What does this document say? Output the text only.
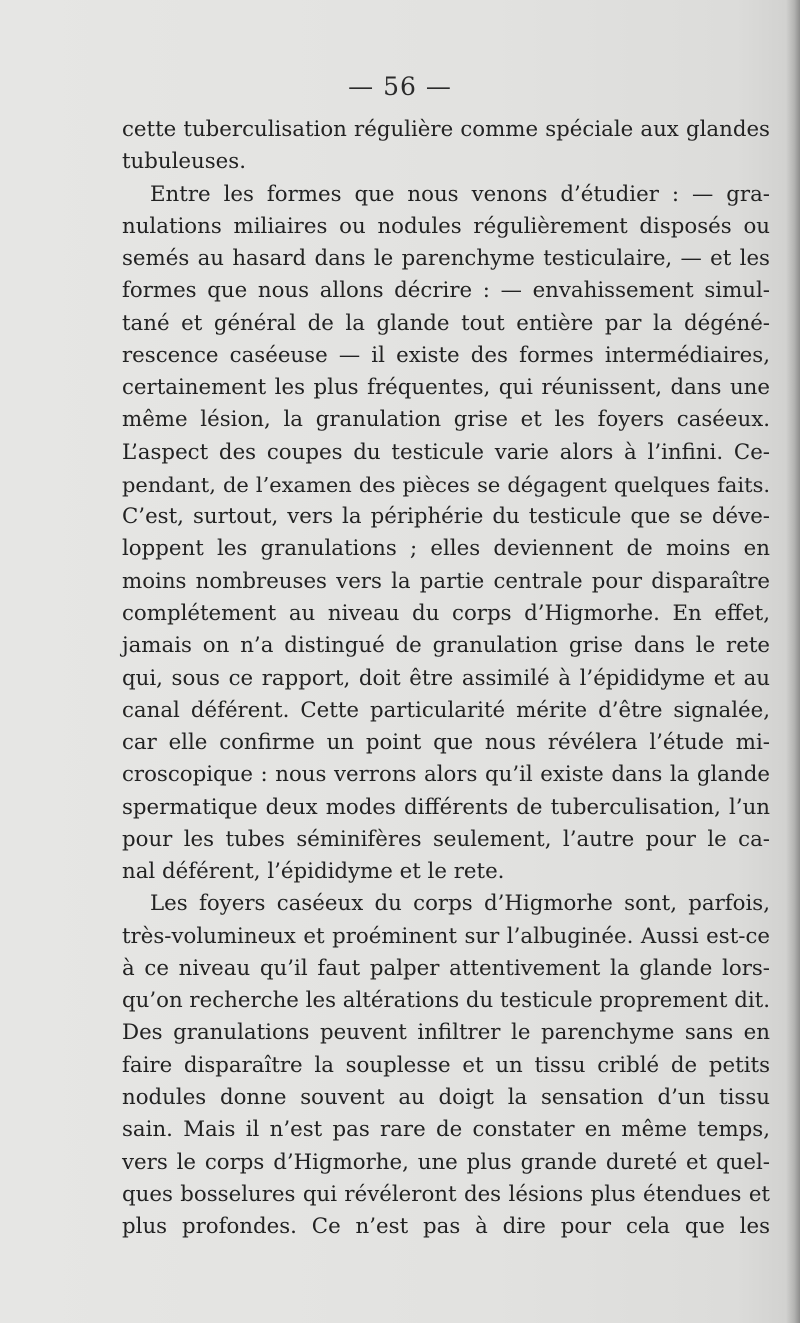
— 56 —
cette tuberculisation régulière comme spéciale aux glandes
tubuleuses.
Entre les formes que nous venons d’étudier : — gra-
nulations miliaires ou nodules régulièrement disposés ou
semés au hasard dans le parenchyme testiculaire, — et les
formes que nous allons décrire : — envahissement simul-
tané et général de la glande tout entière par la dégéné-
rescence caséeuse — il existe des formes intermédiaires,
certainement les plus fréquentes, qui réunissent, dans une
même lésion, la granulation grise et les foyers caséeux.
L’aspect des coupes du testicule varie alors à l’infini. Ce-
pendant, de l’examen des pièces se dégagent quelques faits.
C’est, surtout, vers la périphérie du testicule que se déve-
loppent les granulations ; elles deviennent de moins en
moins nombreuses vers la partie centrale pour disparaître
complétement au niveau du corps d’Higmorhe. En effet,
jamais on n’a distingué de granulation grise dans le rete
qui, sous ce rapport, doit être assimilé à l’épididyme et au
canal déférent. Cette particularité mérite d’être signalée,
car elle confirme un point que nous révélera l’étude mi-
croscopique : nous verrons alors qu’il existe dans la glande
spermatique deux modes différents de tuberculisation, l’un
pour les tubes séminifères seulement, l’autre pour le ca-
nal déférent, l’épididyme et le rete.
Les foyers caséeux du corps d’Higmorhe sont, parfois,
très-volumineux et proéminent sur l’albuginée. Aussi est-ce
à ce niveau qu’il faut palper attentivement la glande lors-
qu’on recherche les altérations du testicule proprement dit.
Des granulations peuvent infiltrer le parenchyme sans en
faire disparaître la souplesse et un tissu criblé de petits
nodules donne souvent au doigt la sensation d’un tissu
sain. Mais il n’est pas rare de constater en même temps,
vers le corps d’Higmorhe, une plus grande dureté et quel-
ques bosselures qui révéleront des lésions plus étendues et
plus profondes. Ce n’est pas à dire pour cela que les
